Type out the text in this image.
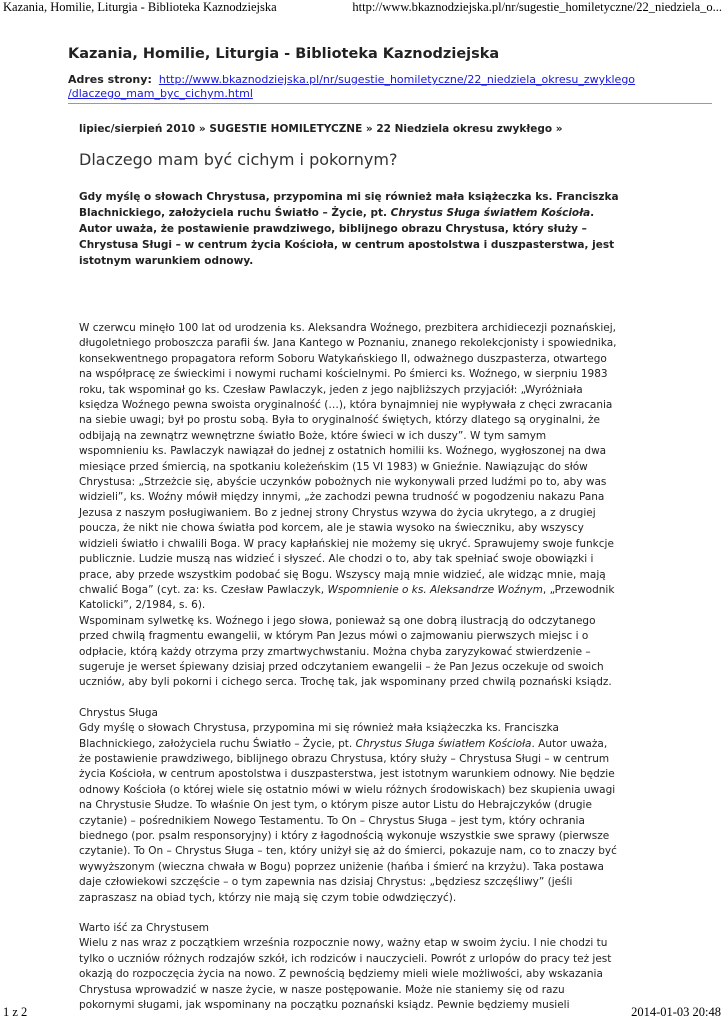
Kazania, Homilie, Liturgia - Biblioteka Kaznodziejska	http://www.bkaznodziejska.pl/nr/sugestie_homiletyczne/22_niedziela_o...
Kazania, Homilie, Liturgia - Biblioteka Kaznodziejska
Adres strony: http://www.bkaznodziejska.pl/nr/sugestie_homiletyczne/22_niedziela_okresu_zwyklego
/dlaczego_mam_byc_cichym.html
lipiec/sierpień 2010 » SUGESTIE HOMILETYCZNE » 22 Niedziela okresu zwykłego »
Dlaczego mam być cichym i pokornym?
Gdy myślę o słowach Chrystusa, przypomina mi się również mała książeczka ks. Franciszka Blachnickiego, założyciela ruchu Światło – Życie, pt. Chrystus Sługa światłem Kościoła. Autor uważa, że postawienie prawdziwego, biblijnego obrazu Chrystusa, który służy – Chrystusa Sługi – w centrum życia Kościoła, w centrum apostolstwa i duszpasterstwa, jest istotnym warunkiem odnowy.

W czerwcu minęło 100 lat od urodzenia ks. Aleksandra Woźnego, prezbitera archidiecezji poznańskiej, długoletniego proboszcza parafii św. Jana Kantego w Poznaniu, znanego rekolekcjonisty i spowiednika, konsekwentnego propagatora reform Soboru Watykańskiego II, odważnego duszpasterza, otwartego na współpracę ze świeckimi i nowymi ruchami kościelnymi. Po śmierci ks. Woźnego, w sierpniu 1983 roku, tak wspominał go ks. Czesław Pawlaczyk, jeden z jego najbliższych przyjaciół: „Wyróżniała księdza Woźnego pewna swoista oryginalność (…), która bynajmniej nie wypływała z chęci zwracania na siebie uwagi; był po prostu sobą. Była to oryginalność świętych, którzy dlatego są oryginalni, że odbijają na zewnątrz wewnętrzne światło Boże, które świeci w ich duszy”. W tym samym wspomnieniu ks. Pawlaczyk nawiązał do jednej z ostatnich homilii ks. Woźnego, wygłoszonej na dwa miesiące przed śmiercią, na spotkaniu koleżeńskim (15 VI 1983) w Gnieźnie. Nawiązując do słów Chrystusa: „Strzeżcie się, abyście uczynków pobożnych nie wykonywali przed ludźmi po to, aby was widzieli”, ks. Woźny mówił między innymi, „że zachodzi pewna trudność w pogodzeniu nakazu Pana Jezusa z naszym posługiwaniem. Bo z jednej strony Chrystus wzywa do życia ukrytego, a z drugiej poucza, że nikt nie chowa światła pod korcem, ale je stawia wysoko na świeczniku, aby wszyscy widzieli światło i chwalili Boga. W pracy kapłańskiej nie możemy się ukryć. Sprawujemy swoje funkcje publicznie. Ludzie muszą nas widzieć i słyszeć. Ale chodzi o to, aby tak spełniać swoje obowiązki i prace, aby przede wszystkim podobać się Bogu. Wszyscy mają mnie widzieć, ale widząc mnie, mają chwalić Boga” (cyt. za: ks. Czesław Pawlaczyk, Wspomnienie o ks. Aleksandrze Woźnym, „Przewodnik Katolicki”, 2/1984, s. 6).

Wspominam sylwetkę ks. Woźnego i jego słowa, ponieważ są one dobrą ilustracją do odczytanego przed chwilą fragmentu ewangelii, w którym Pan Jezus mówi o zajmowaniu pierwszych miejsc i o odpłacie, którą każdy otrzyma przy zmartwychwstaniu. Można chyba zaryzykować stwierdzenie – sugeruje je werset śpiewany dzisiaj przed odczytaniem ewangelii – że Pan Jezus oczekuje od swoich uczniów, aby byli pokorni i cichego serca. Trochę tak, jak wspominany przed chwilą poznański ksiądz.

Chrystus Sługa
Gdy myślę o słowach Chrystusa, przypomina mi się również mała książeczka ks. Franciszka Blachnickiego, założyciela ruchu Światło – Życie, pt. Chrystus Sługa światłem Kościoła. Autor uważa, że postawienie prawdziwego, biblijnego obrazu Chrystusa, który służy – Chrystusa Sługi – w centrum życia Kościoła, w centrum apostolstwa i duszpasterstwa, jest istotnym warunkiem odnowy. Nie będzie odnowy Kościoła (o której wiele się ostatnio mówi w wielu różnych środowiskach) bez skupienia uwagi na Chrystusie Słudze. To właśnie On jest tym, o którym pisze autor Listu do Hebrajczyków (drugie czytanie) – pośrednikiem Nowego Testamentu. To On – Chrystus Sługa – jest tym, który ochrania biednego (por. psalm responsoryjny) i który z łagodnością wykonuje wszystkie swe sprawy (pierwsze czytanie). To On – Chrystus Sługa – ten, który uniżył się aż do śmierci, pokazuje nam, co to znaczy być wywyższonym (wieczna chwała w Bogu) poprzez uniżenie (hańba i śmierć na krzyżu). Taka postawa daje człowiekowi szczęście – o tym zapewnia nas dzisiaj Chrystus: „będziesz szczęśliwy” (jeśli zapraszasz na obiad tych, którzy nie mają się czym tobie odwdzięczyć).

Warto iść za Chrystusem
Wielu z nas wraz z początkiem września rozpocznie nowy, ważny etap w swoim życiu. I nie chodzi tu tylko o uczniów różnych rodzajów szkół, ich rodziców i nauczycieli. Powrót z urlopów do pracy też jest okazją do rozpoczęcia życia na nowo. Z pewnością będziemy mieli wiele możliwości, aby wskazania Chrystusa wprowadzić w nasze życie, w nasze postępowanie. Może nie staniemy się od razu pokornymi sługami, jak wspominany na początku poznański ksiądz. Pewnie będziemy musieli

1 z 2	2014-01-03 20:48
